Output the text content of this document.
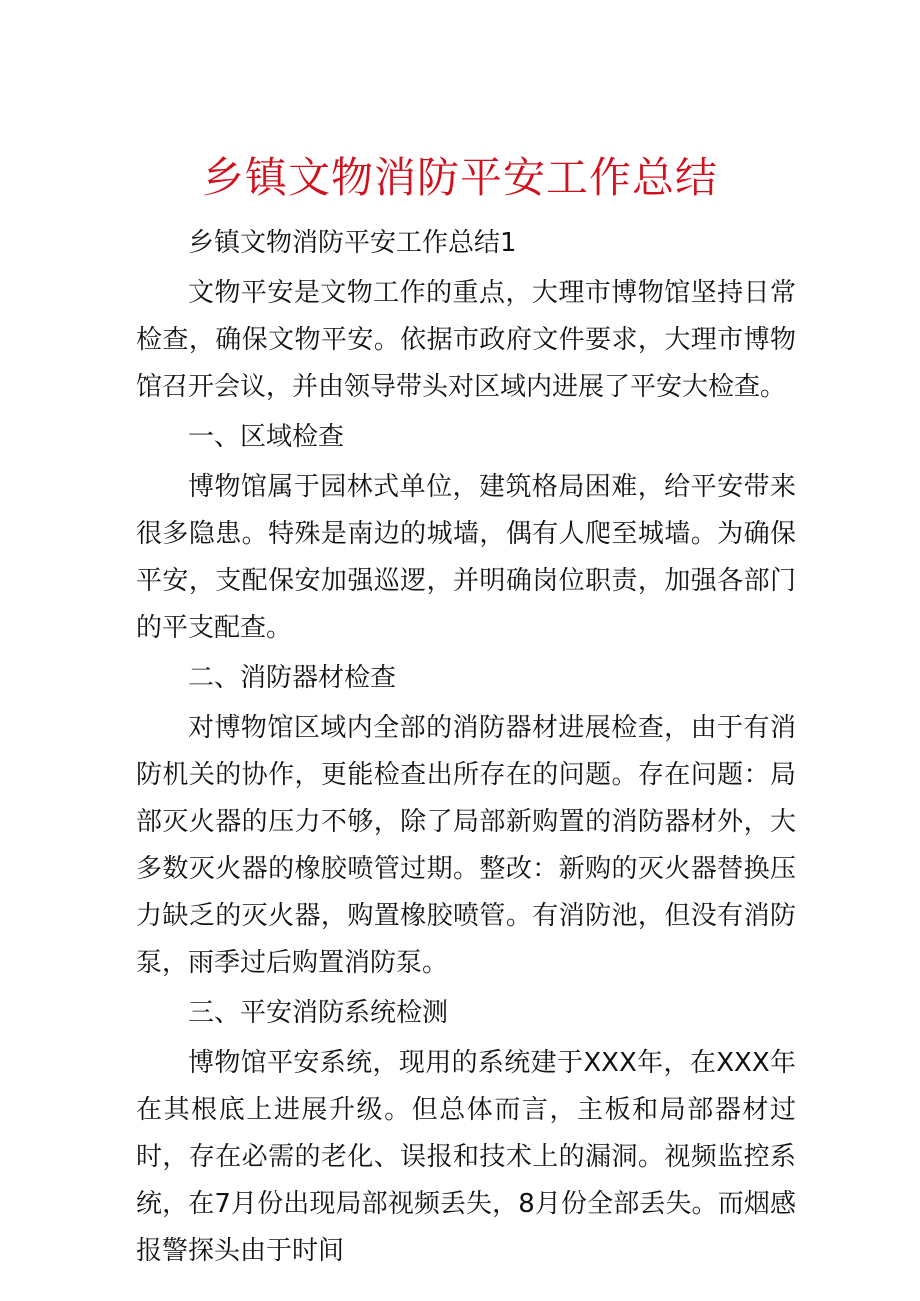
乡镇文物消防平安工作总结

乡镇文物消防平安工作总结1

文物平安是文物工作的重点，大理市博物馆坚持日常检查，确保文物平安。依据市政府文件要求，大理市博物馆召开会议，并由领导带头对区域内进展了平安大检查。

一、区域检查

博物馆属于园林式单位，建筑格局困难，给平安带来很多隐患。特殊是南边的城墙，偶有人爬至城墙。为确保平安，支配保安加强巡逻，并明确岗位职责，加强各部门的平支配查。

二、消防器材检查

对博物馆区域内全部的消防器材进展检查，由于有消防机关的协作，更能检查出所存在的问题。存在问题：局部灭火器的压力不够，除了局部新购置的消防器材外，大多数灭火器的橡胶喷管过期。整改：新购的灭火器替换压力缺乏的灭火器，购置橡胶喷管。有消防池，但没有消防泵，雨季过后购置消防泵。

三、平安消防系统检测

博物馆平安系统，现用的系统建于XXX年，在XXX年在其根底上进展升级。但总体而言，主板和局部器材过时，存在必需的老化、误报和技术上的漏洞。视频监控系统，在7月份出现局部视频丢失，8月份全部丢失。而烟感报警探头由于时间
